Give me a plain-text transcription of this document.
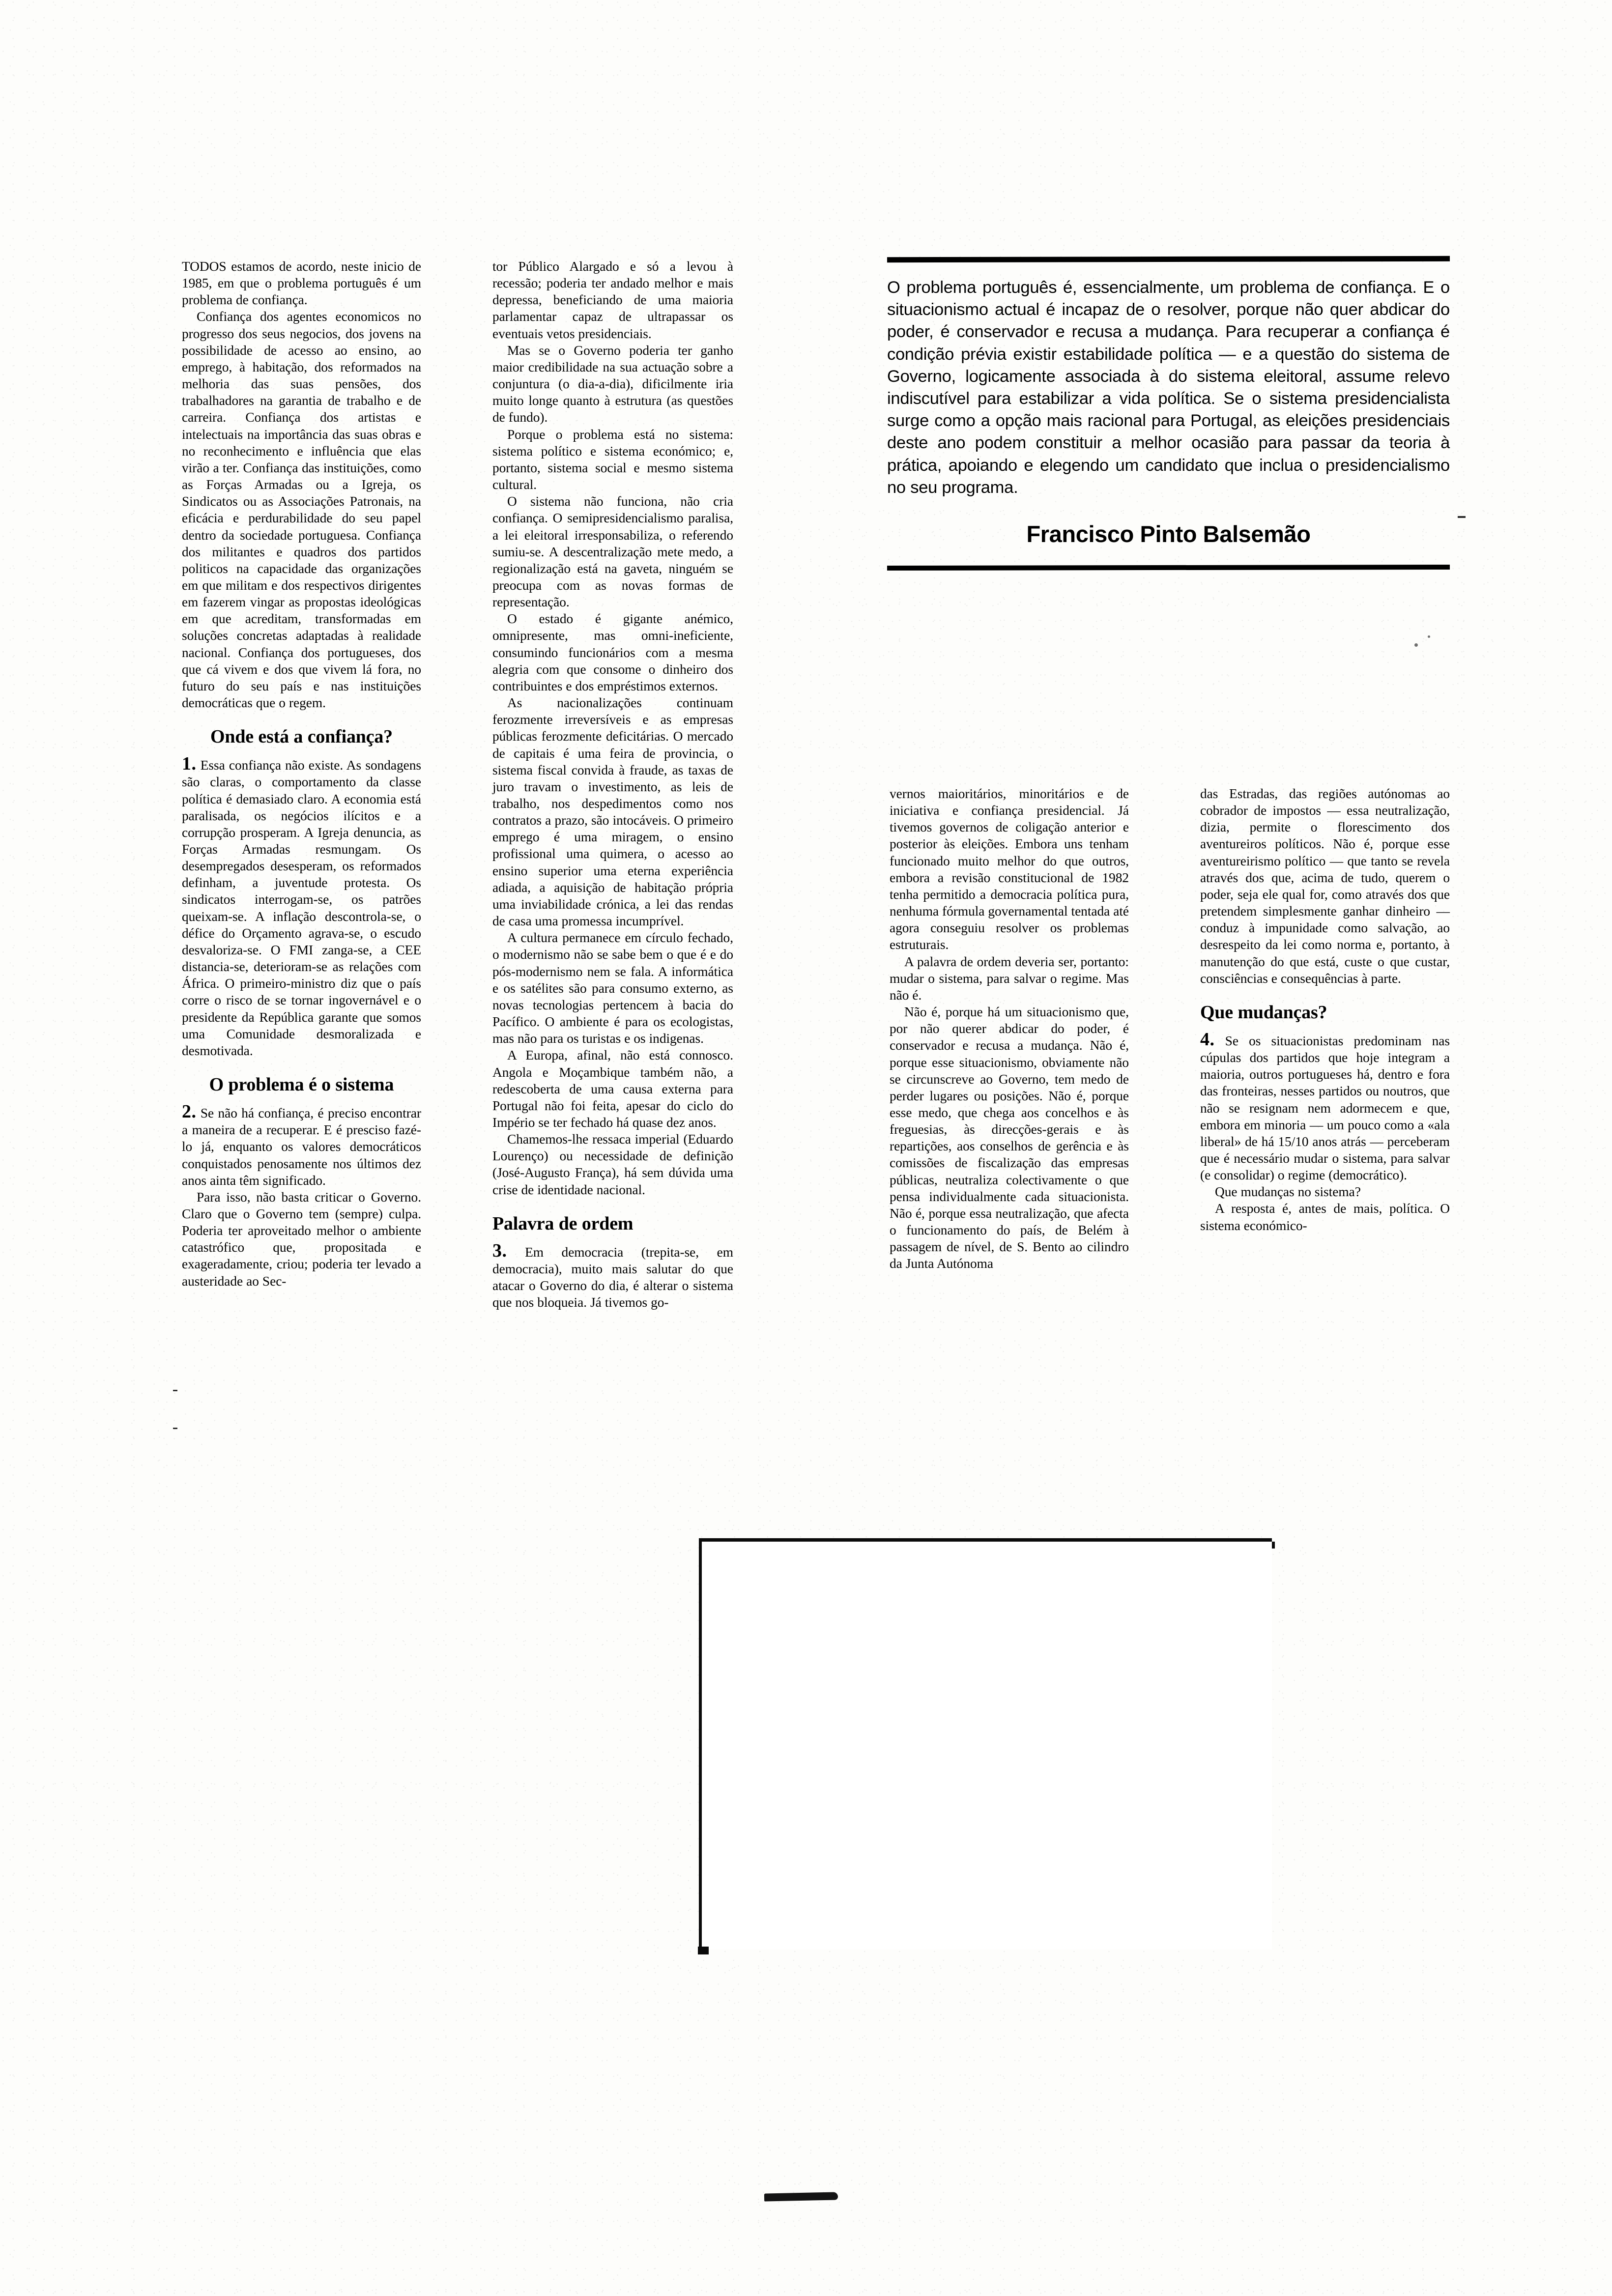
TODOS estamos de acordo, neste inicio de 1985, em que o problema português é um problema de confiança.

Confiança dos agentes economicos no progresso dos seus negocios, dos jovens na possibilidade de acesso ao ensino, ao emprego, à habitação, dos reformados na melhoria das suas pensões, dos trabalhadores na garantia de trabalho e de carreira. Confiança dos artistas e intelectuais na importância das suas obras e no reconhecimento e influência que elas virão a ter. Confiança das instituições, como as Forças Armadas ou a Igreja, os Sindicatos ou as Associações Patronais, na eficácia e perdurabilidade do seu papel dentro da sociedade portuguesa. Confiança dos militantes e quadros dos partidos politicos na capacidade das organizações em que militam e dos respectivos dirigentes em fazerem vingar as propostas ideológicas em que acreditam, transformadas em soluções concretas adaptadas à realidade nacional. Confiança dos portugueses, dos que cá vivem e dos que vivem lá fora, no futuro do seu país e nas instituições democráticas que o regem.

Onde está a confiança?

1. Essa confiança não existe. As sondagens são claras, o comportamento da classe política é demasiado claro. A economia está paralisada, os negócios ilícitos e a corrupção prosperam. A Igreja denuncia, as Forças Armadas resmungam. Os desempregados desesperam, os reformados definham, a juventude protesta. Os sindicatos interrogam-se, os patrões queixam-se. A inflação descontrola-se, o défice do Orçamento agrava-se, o escudo desvaloriza-se. O FMI zanga-se, a CEE distancia-se, deterioram-se as relações com África. O primeiro-ministro diz que o país corre o risco de se tornar ingovernável e o presidente da República garante que somos uma Comunidade desmoralizada e desmotivada.

O problema é o sistema

2. Se não há confiança, é preciso encontrar a maneira de a recuperar. E é presciso fazé-lo já, enquanto os valores democráticos conquistados penosamente nos últimos dez anos ainta têm significado.

Para isso, não basta criticar o Governo. Claro que o Governo tem (sempre) culpa. Poderia ter aproveitado melhor o ambiente catastrófico que, propositada e exageradamente, criou; poderia ter levado a austeridade ao Sec-

tor Público Alargado e só a levou à recessão; poderia ter andado melhor e mais depressa, beneficiando de uma maioria parlamentar capaz de ultrapassar os eventuais vetos presidenciais.

Mas se o Governo poderia ter ganho maior credibilidade na sua actuação sobre a conjuntura (o dia-a-dia), dificilmente iria muito longe quanto à estrutura (as questões de fundo).

Porque o problema está no sistema: sistema político e sistema económico; e, portanto, sistema social e mesmo sistema cultural.

O sistema não funciona, não cria confiança. O semipresidencialismo paralisa, a lei eleitoral irresponsabiliza, o referendo sumiu-se. A descentralização mete medo, a regionalização está na gaveta, ninguém se preocupa com as novas formas de representação.

O estado é gigante anémico, omnipresente, mas omni-ineficiente, consumindo funcionários com a mesma alegria com que consome o dinheiro dos contribuintes e dos empréstimos externos.

As nacionalizações continuam ferozmente irreversíveis e as empresas públicas ferozmente deficitárias. O mercado de capitais é uma feira de provincia, o sistema fiscal convida à fraude, as taxas de juro travam o investimento, as leis de trabalho, nos despedimentos como nos contratos a prazo, são intocáveis. O primeiro emprego é uma miragem, o ensino profissional uma quimera, o acesso ao ensino superior uma eterna experiência adiada, a aquisição de habitação própria uma inviabilidade crónica, a lei das rendas de casa uma promessa incumprível.

A cultura permanece em círculo fechado, o modernismo não se sabe bem o que é e do pós-modernismo nem se fala. A informática e os satélites são para consumo externo, as novas tecnologias pertencem à bacia do Pacífico. O ambiente é para os ecologistas, mas não para os turistas e os indigenas.

A Europa, afinal, não está connosco. Angola e Moçambique também não, a redescoberta de uma causa externa para Portugal não foi feita, apesar do ciclo do Império se ter fechado há quase dez anos.

Chamemos-lhe ressaca imperial (Eduardo Lourenço) ou necessidade de definição (José-Augusto França), há sem dúvida uma crise de identidade nacional.

Palavra de ordem

3. Em democracia (trepita-se, em democracia), muito mais salutar do que atacar o Governo do dia, é alterar o sistema que nos bloqueia. Já tivemos go-

O problema português é, essencialmente, um problema de confiança. E o situacionismo actual é incapaz de o resolver, porque não quer abdicar do poder, é conservador e recusa a mudança. Para recuperar a confiança é condição prévia existir estabilidade política — e a questão do sistema de Governo, logicamente associada à do sistema eleitoral, assume relevo indiscutível para estabilizar a vida política. Se o sistema presidencialista surge como a opção mais racional para Portugal, as eleições presidenciais deste ano podem constituir a melhor ocasião para passar da teoria à prática, apoiando e elegendo um candidato que inclua o presidencialismo no seu programa.
Francisco Pinto Balsemão

vernos maioritários, minoritários e de iniciativa e confiança presidencial. Já tivemos governos de coligação anterior e posterior às eleições. Embora uns tenham funcionado muito melhor do que outros, embora a revisão constitucional de 1982 tenha permitido a democracia política pura, nenhuma fórmula governamental tentada até agora conseguiu resolver os problemas estruturais.

A palavra de ordem deveria ser, portanto: mudar o sistema, para salvar o regime. Mas não é.

Não é, porque há um situacionismo que, por não querer abdicar do poder, é conservador e recusa a mudança. Não é, porque esse situacionismo, obviamente não se circunscreve ao Governo, tem medo de perder lugares ou posições. Não é, porque esse medo, que chega aos concelhos e às freguesias, às direcções-gerais e às repartições, aos conselhos de gerência e às comissões de fiscalização das empresas públicas, neutraliza colectivamente o que pensa individualmente cada situacionista. Não é, porque essa neutralização, que afecta o funcionamento do país, de Belém à passagem de nível, de S. Bento ao cilindro da Junta Autónoma

das Estradas, das regiões autónomas ao cobrador de impostos — essa neutralização, dizia, permite o florescimento dos aventureiros políticos. Não é, porque esse aventureirismo político — que tanto se revela através dos que, acima de tudo, querem o poder, seja ele qual for, como através dos que pretendem simplesmente ganhar dinheiro — conduz à impunidade como salvação, ao desrespeito da lei como norma e, portanto, à manutenção do que está, custe o que custar, consciências e consequências à parte.

Que mudanças?

4. Se os situacionistas predominam nas cúpulas dos partidos que hoje integram a maioria, outros portugueses há, dentro e fora das fronteiras, nesses partidos ou noutros, que não se resignam nem adormecem e que, embora em minoria — um pouco como a «ala liberal» de há 15/10 anos atrás — perceberam que é necessário mudar o sistema, para salvar (e consolidar) o regime (democrático).

Que mudanças no sistema?

A resposta é, antes de mais, política. O sistema económico-
